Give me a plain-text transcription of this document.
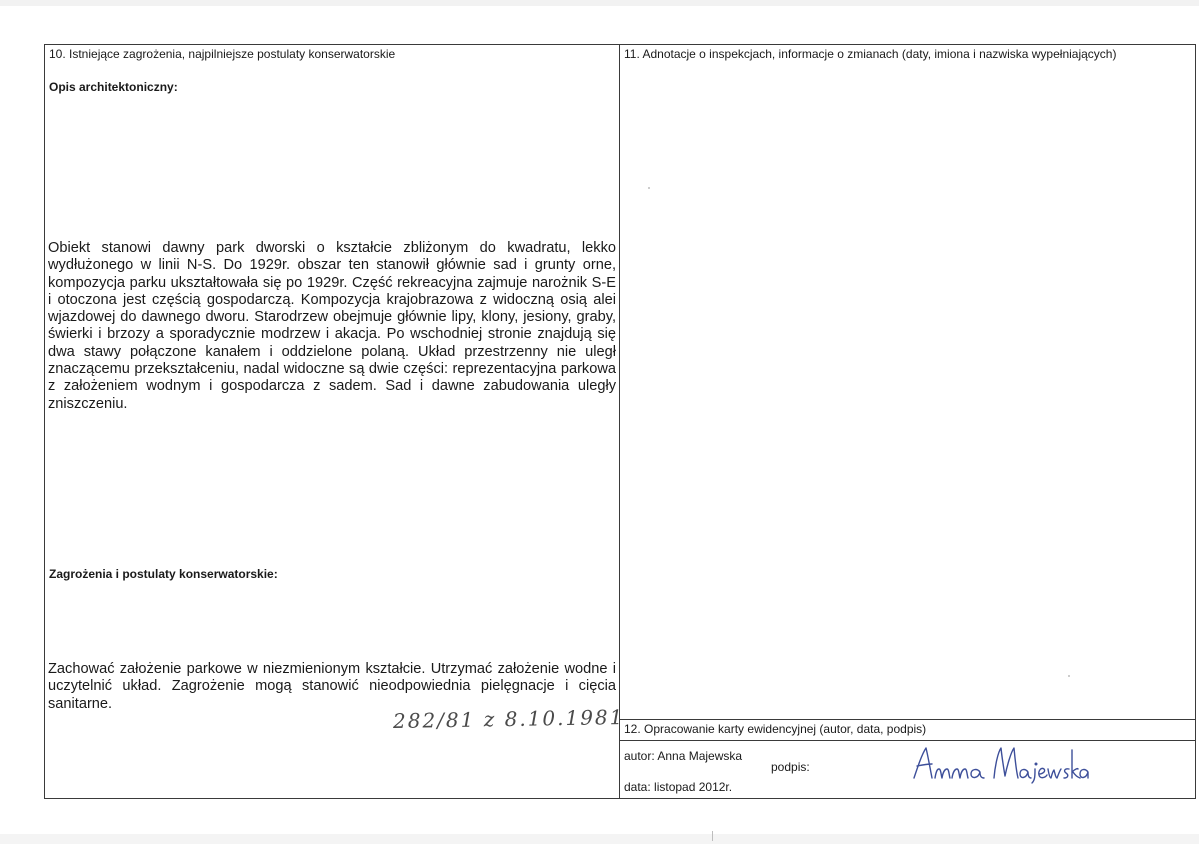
10. Istniejące zagrożenia, najpilniejsze postulaty konserwatorskie
Opis architektoniczny:

Obiekt stanowi dawny park dworski o kształcie zbliżonym do kwadratu, lekko wydłużonego w linii N-S. Do 1929r. obszar ten stanowił głównie sad i grunty orne, kompozycja parku ukształtowała się po 1929r. Część rekreacyjna zajmuje narożnik S-E i otoczona jest częścią gospodarczą. Kompozycja krajobrazowa z widoczną osią alei wjazdowej do dawnego dworu. Starodrzew obejmuje głównie lipy, klony, jesiony, graby, świerki i brzozy a sporadycznie modrzew i akacja. Po wschodniej stronie znajdują się dwa stawy połączone kanałem i oddzielone polaną. Układ przestrzenny nie uległ znaczącemu przekształceniu, nadal widoczne są dwie części: reprezentacyjna parkowa z założeniem wodnym i gospodarcza z sadem. Sad i dawne zabudowania uległy zniszczeniu.

Zagrożenia i postulaty konserwatorskie:

Zachować założenie parkowe w niezmienionym kształcie. Utrzymać założenie wodne i uczytelnić układ. Zagrożenie mogą stanowić nieodpowiednia pielęgnacje i cięcia sanitarne.

282/81 z 8.10.1981
11. Adnotacje o inspekcjach, informacje o zmianach (daty, imiona i nazwiska wypełniających)
12. Opracowanie karty ewidencyjnej (autor, data, podpis)
autor: Anna Majewska
podpis:
data: listopad 2012r.
